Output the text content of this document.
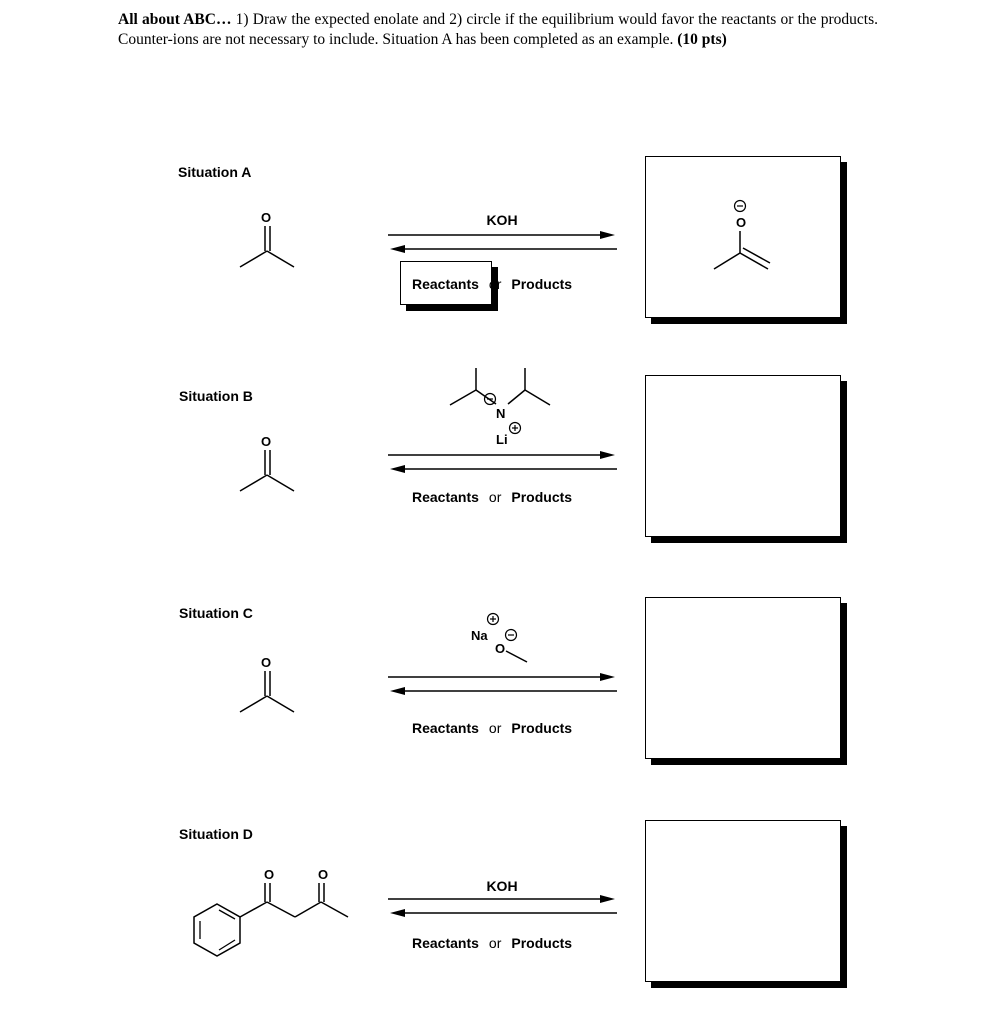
All about ABC… 1) Draw the expected enolate and 2) circle if the equilibrium would favor the reactants or the products. Counter-ions are not necessary to include. Situation A has been completed as an example. (10 pts)
Situation A
O	KOH
Reactants or Products
O
Situation B
O
N
Li
Reactants or Products
Situation C
O
Na
O
Reactants or Products
Situation D
O	O
KOH
Reactants or Products
